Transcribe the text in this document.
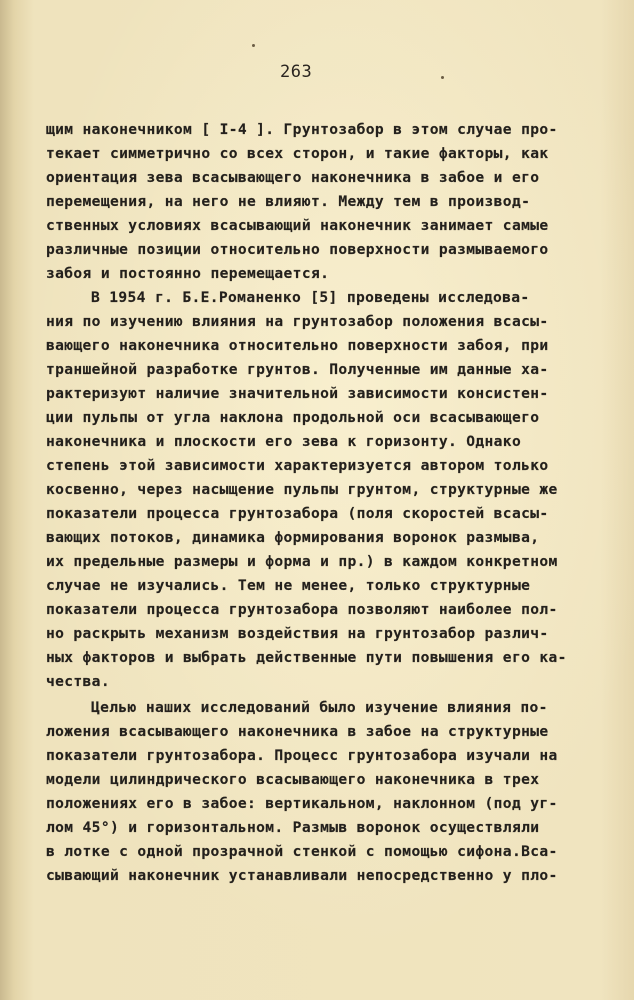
263
щим наконечником [ I-4 ]. Грунтозабор в этом случае про-
текает симметрично со всех сторон, и такие факторы, как
ориентация зева всасывающего наконечника в забое и его
перемещения, на него не влияют. Между тем в производ-
ственных условиях всасывающий наконечник занимает самые
различные позиции относительно поверхности размываемого
забоя и постоянно перемещается.
В 1954 г. Б.Е.Романенко [5] проведены исследова-
ния по изучению влияния на грунтозабор положения всасы-
вающего наконечника относительно поверхности забоя, при
траншейной разработке грунтов. Полученные им данные ха-
рактеризуют наличие значительной зависимости консистен-
ции пульпы от угла наклона продольной оси всасывающего
наконечника и плоскости его зева к горизонту. Однако
степень этой зависимости характеризуется автором только
косвенно, через насыщение пульпы грунтом, структурные же
показатели процесса грунтозабора (поля скоростей всасы-
вающих потоков, динамика формирования воронок размыва,
их предельные размеры и форма и пр.) в каждом конкретном
случае не изучались. Тем не менее, только структурные
показатели процесса грунтозабора позволяют наиболее пол-
но раскрыть механизм воздействия на грунтозабор различ-
ных факторов и выбрать действенные пути повышения его ка-
чества.
Целью наших исследований было изучение влияния по-
ложения всасывающего наконечника в забое на структурные
показатели грунтозабора. Процесс грунтозабора изучали на
модели цилиндрического всасывающего наконечника в трех
положениях его в забое: вертикальном, наклонном (под уг-
лом 45°) и горизонтальном. Размыв воронок осуществляли
в лотке с одной прозрачной стенкой с помощью сифона.Вса-
сывающий наконечник устанавливали непосредственно у пло-
